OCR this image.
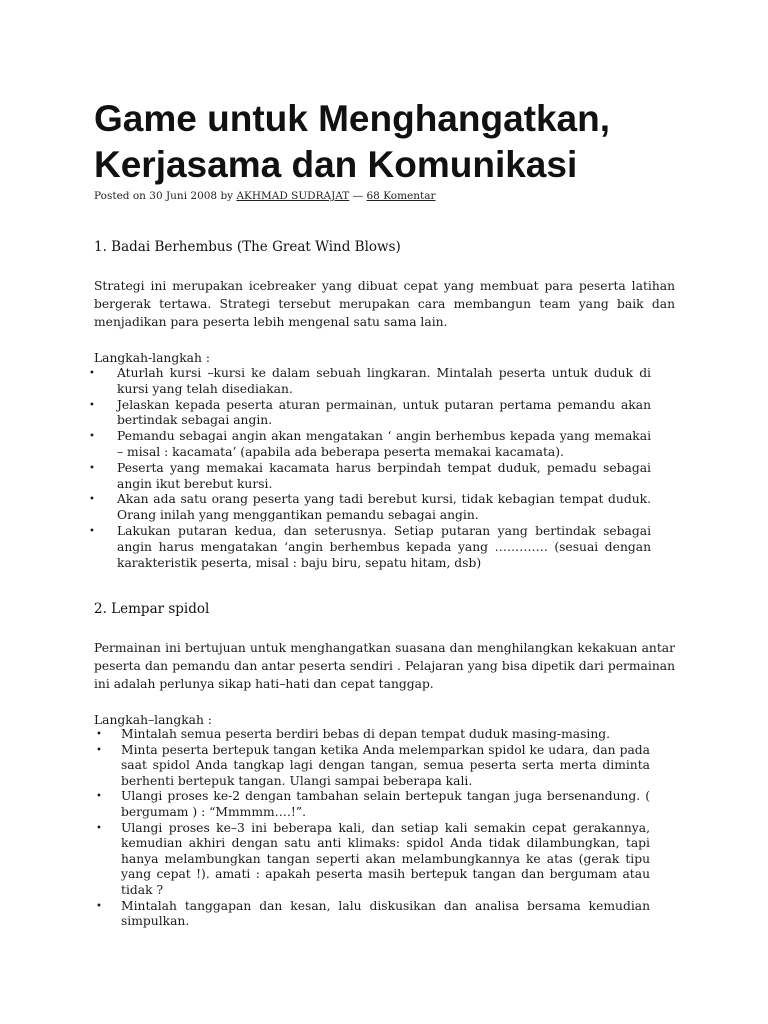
Game untuk Menghangatkan,
Kerjasama dan Komunikasi
Posted on 30 Juni 2008 by AKHMAD SUDRAJAT — 68 Komentar
1. Badai Berhembus (The Great Wind Blows)

Strategi ini merupakan icebreaker yang dibuat cepat yang membuat para peserta latihan bergerak tertawa. Strategi tersebut merupakan cara membangun team yang baik dan menjadikan para peserta lebih mengenal satu sama lain.

Langkah-langkah :

• Aturlah kursi –kursi ke dalam sebuah lingkaran. Mintalah peserta untuk duduk di kursi yang telah disediakan.
• Jelaskan kepada peserta aturan permainan, untuk putaran pertama pemandu akan bertindak sebagai angin.
• Pemandu sebagai angin akan mengatakan ‘ angin berhembus kepada yang memakai – misal : kacamata’ (apabila ada beberapa peserta memakai kacamata).
• Peserta yang memakai kacamata harus berpindah tempat duduk, pemadu sebagai angin ikut berebut kursi.
• Akan ada satu orang peserta yang tadi berebut kursi, tidak kebagian tempat duduk. Orang inilah yang menggantikan pemandu sebagai angin.
• Lakukan putaran kedua, dan seterusnya. Setiap putaran yang bertindak sebagai angin harus mengatakan ‘angin berhembus kepada yang …………. (sesuai dengan karakteristik peserta, misal : baju biru, sepatu hitam, dsb)
2. Lempar spidol

Permainan ini bertujuan untuk menghangatkan suasana dan menghilangkan kekakuan antar peserta dan pemandu dan antar peserta sendiri . Pelajaran yang bisa dipetik dari permainan ini adalah perlunya sikap hati–hati dan cepat tanggap.

Langkah–langkah :

• Mintalah semua peserta berdiri bebas di depan tempat duduk masing-masing.
• Minta peserta bertepuk tangan ketika Anda melemparkan spidol ke udara, dan pada saat spidol Anda tangkap lagi dengan tangan, semua peserta serta merta diminta berhenti bertepuk tangan. Ulangi sampai beberapa kali.
• Ulangi proses ke-2 dengan tambahan selain bertepuk tangan juga bersenandung. ( bergumam ) : “Mmmmm….!”.
• Ulangi proses ke–3 ini beberapa kali, dan setiap kali semakin cepat gerakannya, kemudian akhiri dengan satu anti klimaks: spidol Anda tidak dilambungkan, tapi hanya melambungkan tangan seperti akan melambungkannya ke atas (gerak tipu yang cepat !). amati : apakah peserta masih bertepuk tangan dan bergumam atau tidak ?
• Mintalah tanggapan dan kesan, lalu diskusikan dan analisa bersama kemudian simpulkan.
